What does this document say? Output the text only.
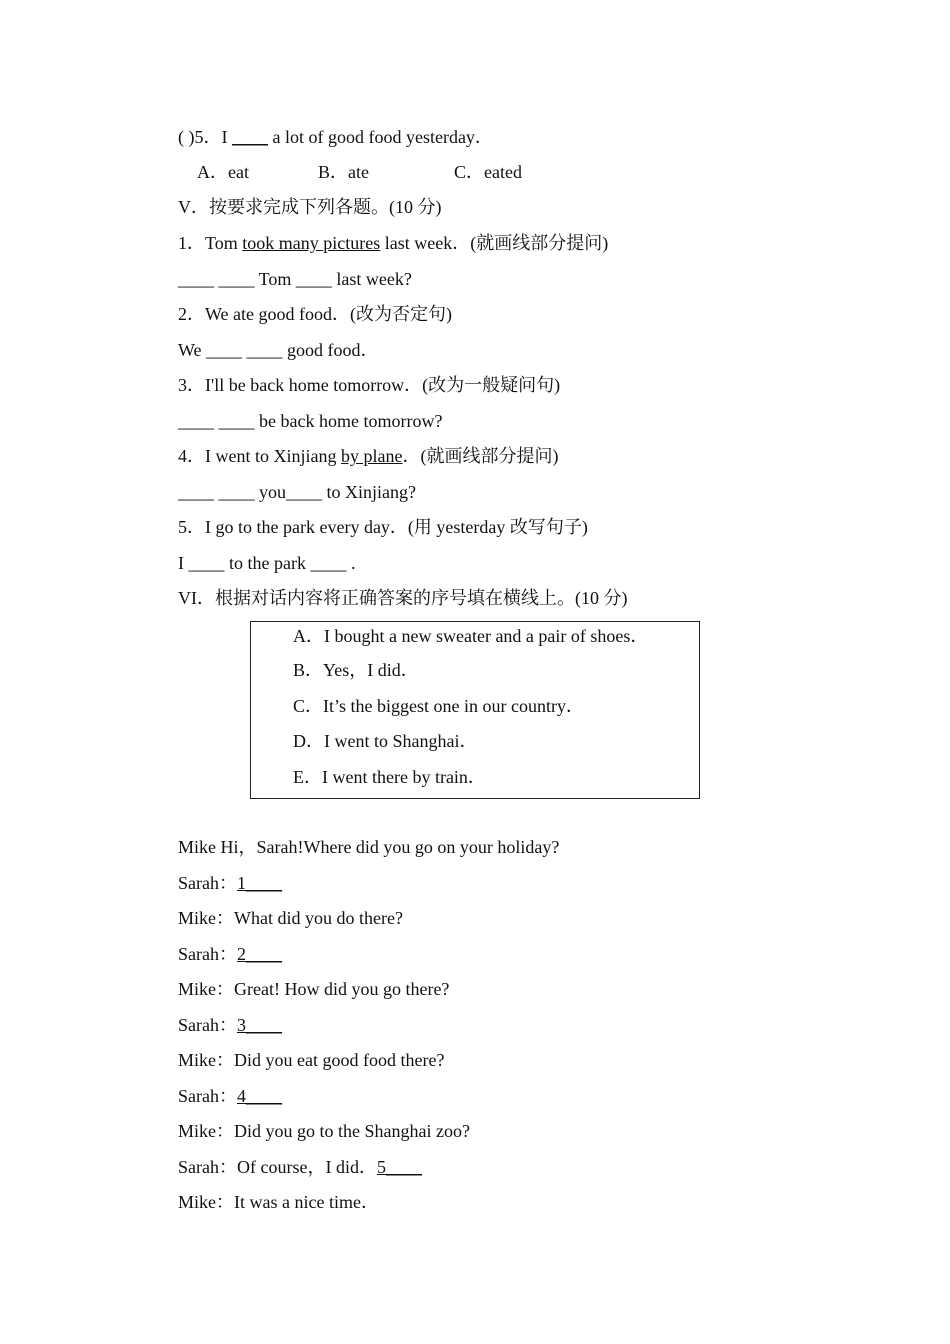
( )5．I ____ a lot of good food yesterday．
A．eat	B．ate	C．eated
V．按要求完成下列各题。(10 分)
1．Tom took many pictures last week．(就画线部分提问)
____ ____ Tom ____ last week?
2．We ate good food．(改为否定句)
We ____ ____ good food．
3．I'll be back home tomorrow．(改为一般疑问句)
____ ____ be back home tomorrow?
4．I went to Xinjiang by plane．(就画线部分提问)
____ ____ you____ to Xinjiang?
5．I go to the park every day．(用 yesterday 改写句子)
I ____ to the park ____ .
VI．根据对话内容将正确答案的序号填在横线上。(10 分)
A．I bought a new sweater and a pair of shoes．
B．Yes，I did．
C．It’s the biggest one in our country．
D．I went to Shanghai．
E．I went there by train．
Mike Hi，Sarah!Where did you go on your holiday?
Sarah：1____
Mike：What did you do there?
Sarah：2____
Mike：Great! How did you go there?
Sarah：3____
Mike：Did you eat good food there?
Sarah：4____
Mike：Did you go to the Shanghai zoo?
Sarah：Of course，I did．5____
Mike：It was a nice time．
